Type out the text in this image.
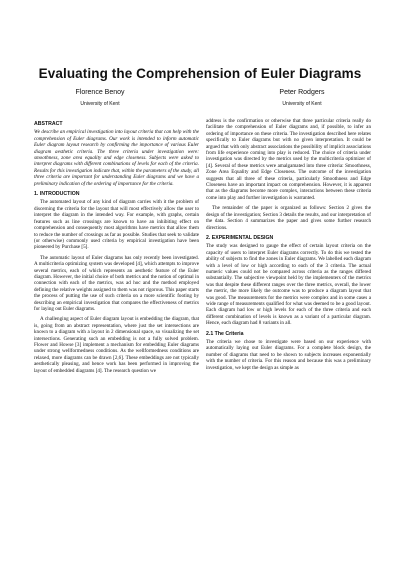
Evaluating the Comprehension of Euler Diagrams
Florence Benoy
University of Kent
Peter Rodgers
University of Kent
ABSTRACT

We describe an empirical investigation into layout criteria that can help with the comprehension of Euler diagrams. Our work is intended to inform automatic Euler diagram layout research by confirming the importance of various Euler diagram aesthetic criteria. The three criteria under investigation were: smoothness, zone area equality and edge closeness. Subjects were asked to interpret diagrams with different combinations of levels for each of the criteria. Results for this investigation indicate that, within the parameters of the study, all three criteria are important for understanding Euler diagrams and we have a preliminary indication of the ordering of importance for the criteria.

1. INTRODUCTION

The automated layout of any kind of diagram carries with it the problem of discerning the criteria for the layout that will most effectively allow the user to interpret the diagram in the intended way. For example, with graphs, certain features such as line crossings are known to have an inhibiting effect on comprehension and consequently most algorithms have metrics that allow them to reduce the number of crossings as far as possible. Studies that seek to validate (or otherwise) commonly used criteria by empirical investigation have been pioneered by Purchase [5].

The automatic layout of Euler diagrams has only recently been investigated. A multicriteria optimizing system was developed [4], which attempts to improve several metrics, each of which represents an aesthetic feature of the Euler diagram. However, the initial choice of both metrics and the notion of optimal in connection with each of the metrics, was ad hoc and the method employed defining the relative weights assigned to them was not rigorous. This paper starts the process of putting the use of such criteria on a more scientific footing by describing an empirical investigation that compares the effectiveness of metrics for laying out Euler diagrams.

A challenging aspect of Euler diagram layout is embedding the diagram, that is, going from an abstract representation, where just the set intersections are known to a diagram with a layout in 2 dimensional space, so visualizing the set intersections. Generating such an embedding is not a fully solved problem. Flower and Howse [3] implement a mechanism for embedding Euler diagrams under strong wellformedness conditions. As the wellformedness conditions are relaxed, more diagrams can be drawn [2,6]. These embeddings are not typically aesthetically pleasing, and hence work has been performed in improving the layout of embedded diagrams [4]. The research question we

address is the confirmation or otherwise that three particular criteria really do facilitate the comprehension of Euler diagrams and, if possible, to infer an ordering of importance on these criteria. The investigation described here relates specifically to Euler diagrams but with no given interpretation. It could be argued that with only abstract associations the possibility of implicit associations from life experience coming into play is reduced. The choice of criteria under investigation was directed by the metrics used by the multicriteria optimizer of [4]. Several of these metrics were amalgamated into three criteria: Smoothness, Zone Area Equality and Edge Closeness. The outcome of the investigation suggests that all three of these criteria, particularly Smoothness and Edge Closeness have an important impact on comprehension. However, it is apparent that as the diagrams become more complex, interactions between these criteria come into play and further investigation is warranted.

The remainder of the paper is organized as follows: Section 2 gives the design of the investigation; Section 3 details the results, and our interpretation of the data. Section 4 summarizes the paper and gives some further research directions.

2. EXPERIMENTAL DESIGN

The study was designed to gauge the effect of certain layout criteria on the capacity of users to interpret Euler diagrams correctly. To do this we tested the ability of subjects to find the zones in Euler diagrams. We labelled each diagram with a level of low or high according to each of the 3 criteria. The actual numeric values could not be compared across criteria as the ranges differed substantially. The subjective viewpoint held by the implementers of the metrics was that despite these different ranges over the three metrics, overall, the lower the metric, the more likely the outcome was to produce a diagram layout that was good. The measurements for the metrics were complex and in some cases a wide range of measurements qualified for what was deemed to be a good layout. Each diagram had low or high levels for each of the three criteria and each different combination of levels is known as a variant of a particular diagram. Hence, each diagram had 8 variants in all.

2.1 The Criteria

The criteria we chose to investigate were based on our experience with automatically laying out Euler diagrams. For a complete block design, the number of diagrams that need to be shown to subjects increases exponentially with the number of criteria. For this reason and because this was a preliminary investigation, we kept the design as simple as
